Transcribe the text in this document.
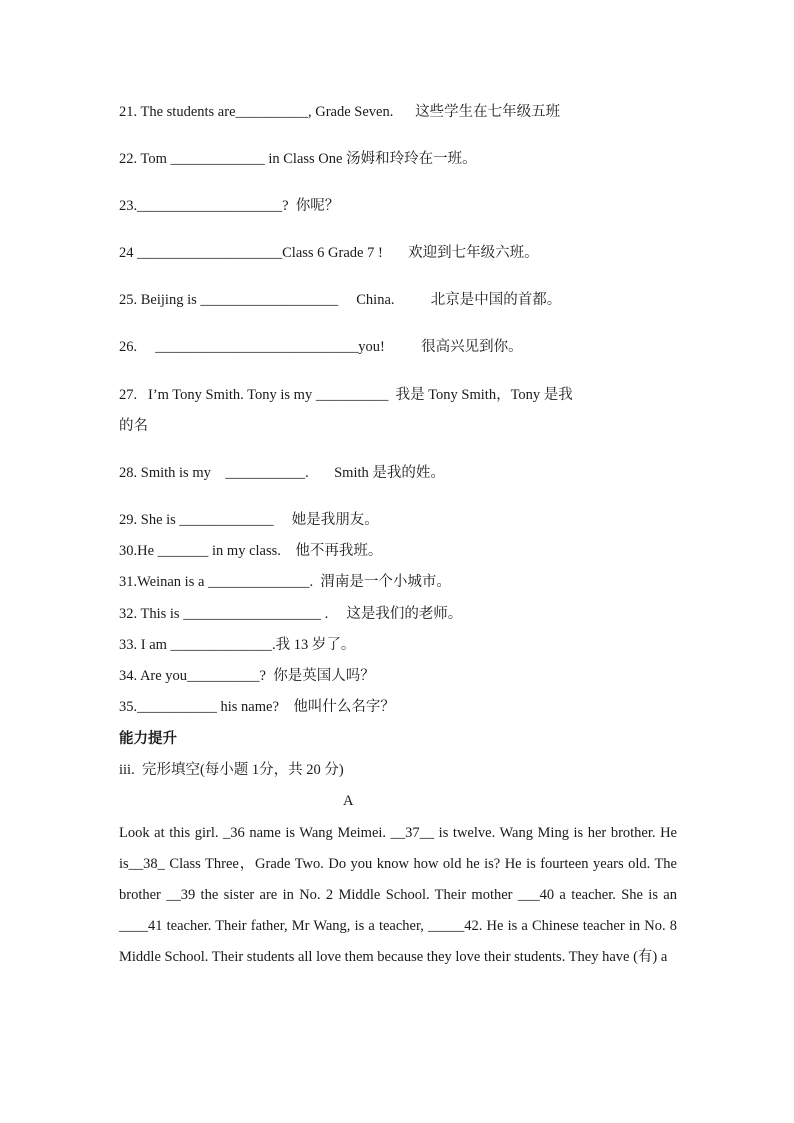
21. The students are__________, Grade Seven.      这些学生在七年级五班
22. Tom _____________ in Class One 汤姆和玲玲在一班。
23.____________________?  你呢？
24 ____________________Class 6 Grade 7 !       欢迎到七年级六班。
25. Beijing is ___________________     China.          北京是中国的首都。
26.     ____________________________you!          很高兴见到你。
27.   I’m Tony Smith. Tony is my __________  我是 Tony Smith，Tony 是我
的名
28. Smith is my    ___________.       Smith 是我的姓。
29. She is _____________     她是我朋友。
30.He _______ in my class.    他不再我班。
31.Weinan is a ______________.  渭南是一个小城市。
32. This is ___________________ .     这是我们的老师。
33. I am ______________.我 13 岁了。
34. Are you__________?  你是英国人吗？
35.___________ his name?    他叫什么名字？
能力提升
iii.  完形填空(每小题 1分，共 20 分)
A
Look at this girl. _36 name is Wang Meimei. __37__ is twelve. Wang Ming is her brother. He is__38_ Class Three，Grade Two. Do you know how old he is? He is fourteen years old. The brother __39 the sister are in No. 2 Middle School. Their mother ___40 a teacher. She is an ____41 teacher. Their father, Mr Wang, is a teacher, _____42. He is a Chinese teacher in No. 8 Middle School. Their students all love them because they love their students. They have (有) a
